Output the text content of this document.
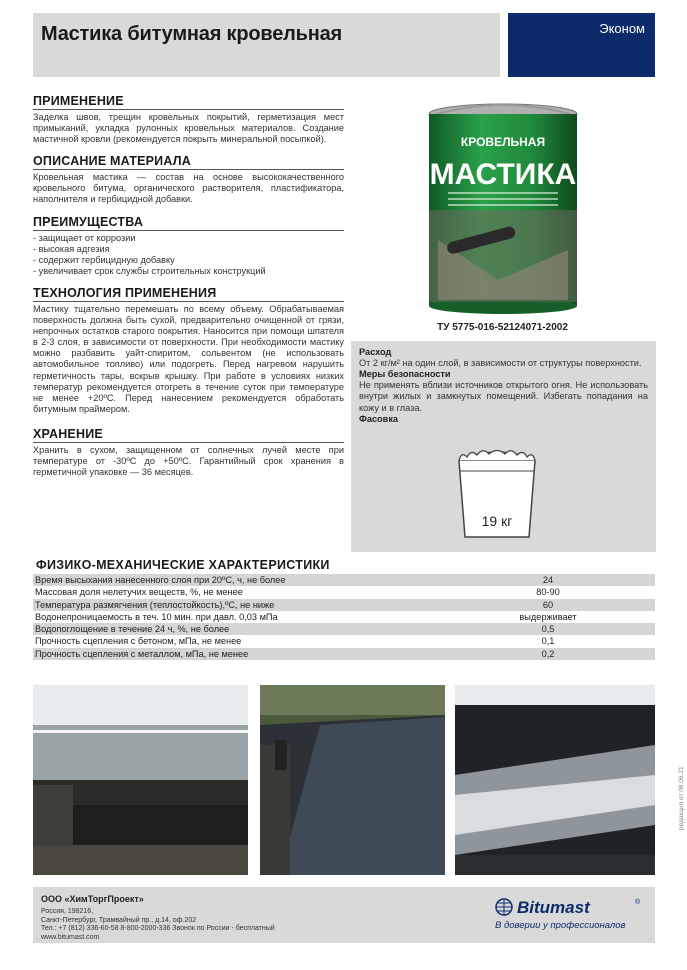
Мастика битумная кровельная	Эконом
ПРИМЕНЕНИЕ
Заделка швов, трещин кровельных покрытий, герметизация мест примыканий, укладка рулонных кровельных материалов. Создание мастичной кровли (рекомендуется покрыть минеральной посыпкой).
ОПИСАНИЕ МАТЕРИАЛА
Кровельная мастика — состав на основе высококачественного кровельного битума, органического растворителя, пластификатора, наполнителя и гербицидной добавки.
ПРЕИМУЩЕСТВА
- защищает от коррозии
- высокая адгезия
- содержит гербицидную добавку
- увеличивает срок службы строительных конструкций
ТЕХНОЛОГИЯ ПРИМЕНЕНИЯ
Мастику тщательно перемешать по всему объему. Обрабатываемая поверхность должна быть сухой, предварительно очищенной от грязи, непрочных остатков старого покрытия. Наносится при помощи шпателя в 2-3 слоя, в зависимости от поверхности. При необходимости мастику можно разбавить уайт-спиритом, сольвентом (не использовать автомобильное топливо) или подогреть. Перед нагревом нарушить герметичность тары, вскрыв крышку. При работе в условиях низких температур рекомендуется отогреть в течение суток при температуре не менее +20ºC. Перед нанесением рекомендуется обработать битумным праймером.
ХРАНЕНИЕ
Хранить в сухом, защищенном от солнечных лучей месте при температуре от -30ºC до +50ºC. Гарантийный срок хранения в герметичной упаковке — 36 месяцев.
КРОВЕЛЬНАЯ
МАСТИКА
ТУ 5775-016-52124071-2002
Расход
От 2 кг/м² на один слой, в зависимости от структуры поверхности.
Меры безопасности
Не применять вблизи источников открытого огня. Не использовать внутри жилых и замкнутых помещений. Избегать попадания на кожу и в глаза.
Фасовка
19 кг
ФИЗИКО-МЕХАНИЧЕСКИЕ ХАРАКТЕРИСТИКИ
Время высыхания нанесенного слоя при 20ºC, ч, не более	24
Массовая доля нелетучих веществ, %, не менее	80-90
Температура размягчения (теплостойкость),ºC, не ниже	60
Водонепроницаемость в теч. 10 мин. при давл. 0,03 мПа	выдерживает
Водопоглощение в течение 24 ч, %, не более	0,5
Прочность сцепления с бетоном, мПа, не менее	0,1
Прочность сцепления с металлом, мПа, не менее	0,2
редакция от 08.06.21
ООО «ХимТоргПроект»
Россия, 198216,
Санкт-Петербург, Трамвайный пр., д.14, оф.202
Тел.: +7 (812) 336-60-58 8-800-2000-336 Звонок по России - бесплатный
www.bitumast.com
Bitumast	®
В доверии у профессионалов
